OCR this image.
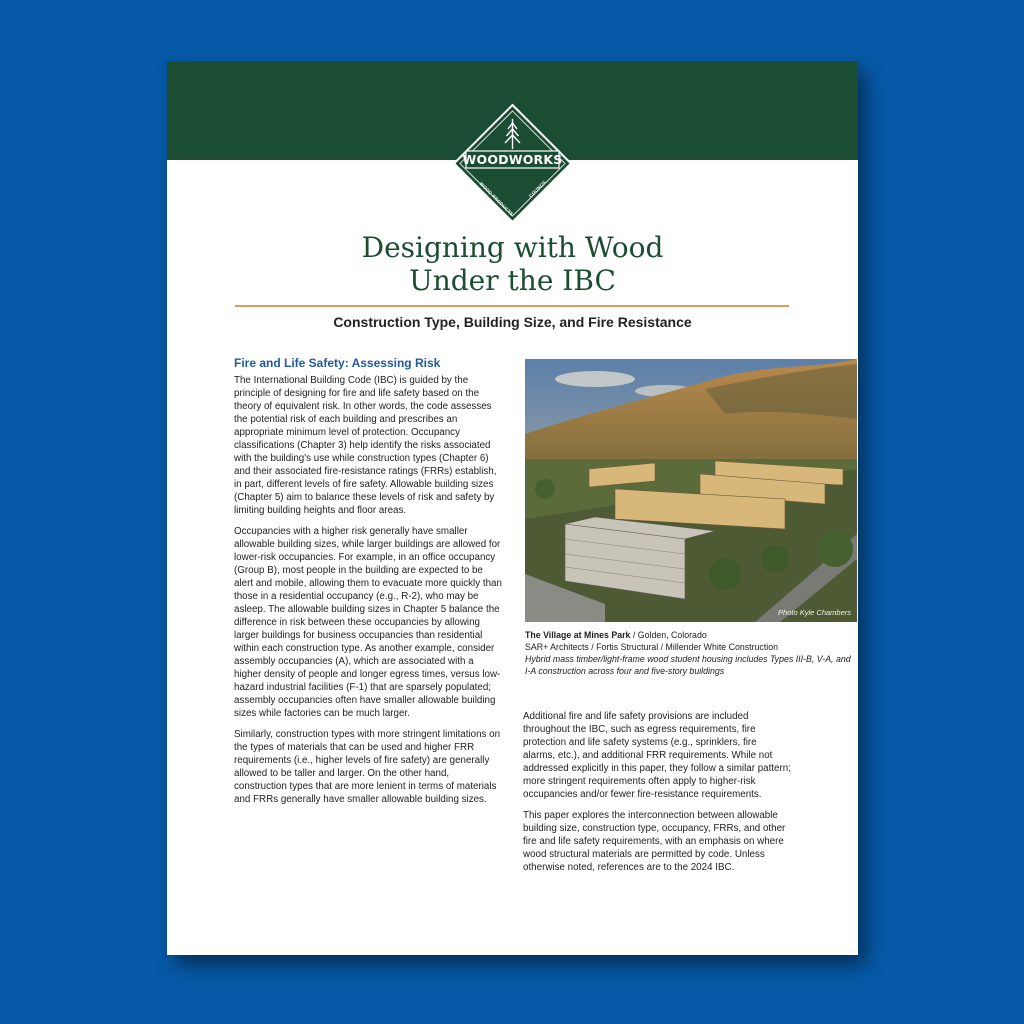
WOODWORKS
WOOD PRODUCTS	COUNCIL
Designing with Wood
Under the IBC
Construction Type, Building Size, and Fire Resistance
Fire and Life Safety: Assessing Risk

The International Building Code (IBC) is guided by the principle of designing for fire and life safety based on the theory of equivalent risk. In other words, the code assesses the potential risk of each building and prescribes an appropriate minimum level of protection. Occupancy classifications (Chapter 3) help identify the risks associated with the building's use while construction types (Chapter 6) and their associated fire-resistance ratings (FRRs) establish, in part, different levels of fire safety. Allowable building sizes (Chapter 5) aim to balance these levels of risk and safety by limiting building heights and floor areas.

Occupancies with a higher risk generally have smaller allowable building sizes, while larger buildings are allowed for lower-risk occupancies. For example, in an office occupancy (Group B), most people in the building are expected to be alert and mobile, allowing them to evacuate more quickly than those in a residential occupancy (e.g., R-2), who may be asleep. The allowable building sizes in Chapter 5 balance the difference in risk between these occupancies by allowing larger buildings for business occupancies than residential within each construction type. As another example, consider assembly occupancies (A), which are associated with a higher density of people and longer egress times, versus low-hazard industrial facilities (F-1) that are sparsely populated; assembly occupancies often have smaller allowable building sizes while factories can be much larger.

Similarly, construction types with more stringent limitations on the types of materials that can be used and higher FRR requirements (i.e., higher levels of fire safety) are generally allowed to be taller and larger. On the other hand, construction types that are more lenient in terms of materials and FRRs generally have smaller allowable building sizes.

Photo Kyle Chambers
The Village at Mines Park / Golden, Colorado
SAR+ Architects / Fortis Structural / Millender White Construction
Hybrid mass timber/light-frame wood student housing includes Types III-B, V-A, and I-A construction across four and five-story buildings

Additional fire and life safety provisions are included throughout the IBC, such as egress requirements, fire protection and life safety systems (e.g., sprinklers, fire alarms, etc.), and additional FRR requirements. While not addressed explicitly in this paper, they follow a similar pattern; more stringent requirements often apply to higher-risk occupancies and/or fewer fire-resistance requirements.

This paper explores the interconnection between allowable building size, construction type, occupancy, FRRs, and other fire and life safety requirements, with an emphasis on where wood structural materials are permitted by code. Unless otherwise noted, references are to the 2024 IBC.
